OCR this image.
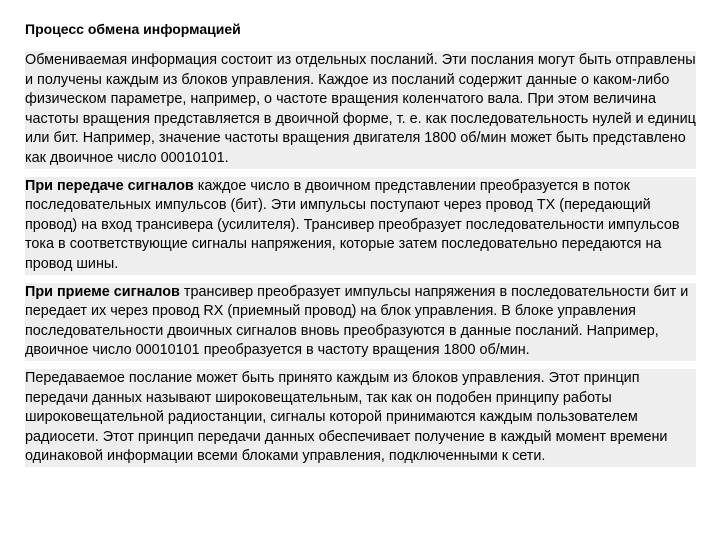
Процесс обмена информацией

Обмениваемая информация состоит из отдельных посланий. Эти послания могут быть отправлены и получены каждым из блоков управления. Каждое из посланий содержит данные о каком-либо физическом параметре, например, о частоте вращения коленчатого вала. При этом величина частоты вращения представляется в двоичной форме, т. е. как последовательность нулей и единиц или бит. Например, значение частоты вращения двигателя 1800 об/мин может быть представлено как двоичное число 00010101.

При передаче сигналов каждое число в двоичном представлении преобразуется в поток последовательных импульсов (бит). Эти импульсы поступают через провод TX (передающий провод) на вход трансивера (усилителя). Трансивер преобразует последовательности импульсов тока в соответствующие сигналы напряжения, которые затем последовательно передаются на провод шины.

При приеме сигналов трансивер преобразует импульсы напряжения в последовательности бит и передает их через провод RX (приемный провод) на блок управления. В блоке управления последовательности двоичных сигналов вновь преобразуются в данные посланий. Например, двоичное число 00010101 преобразуется в частоту вращения 1800 об/мин.

Передаваемое послание может быть принято каждым из блоков управления. Этот принцип передачи данных называют широковещательным, так как он подобен принципу работы широковещательной радиостанции, сигналы которой принимаются каждым пользователем радиосети. Этот принцип передачи данных обеспечивает получение в каждый момент времени одинаковой информации всеми блоками управления, подключенными к сети.
